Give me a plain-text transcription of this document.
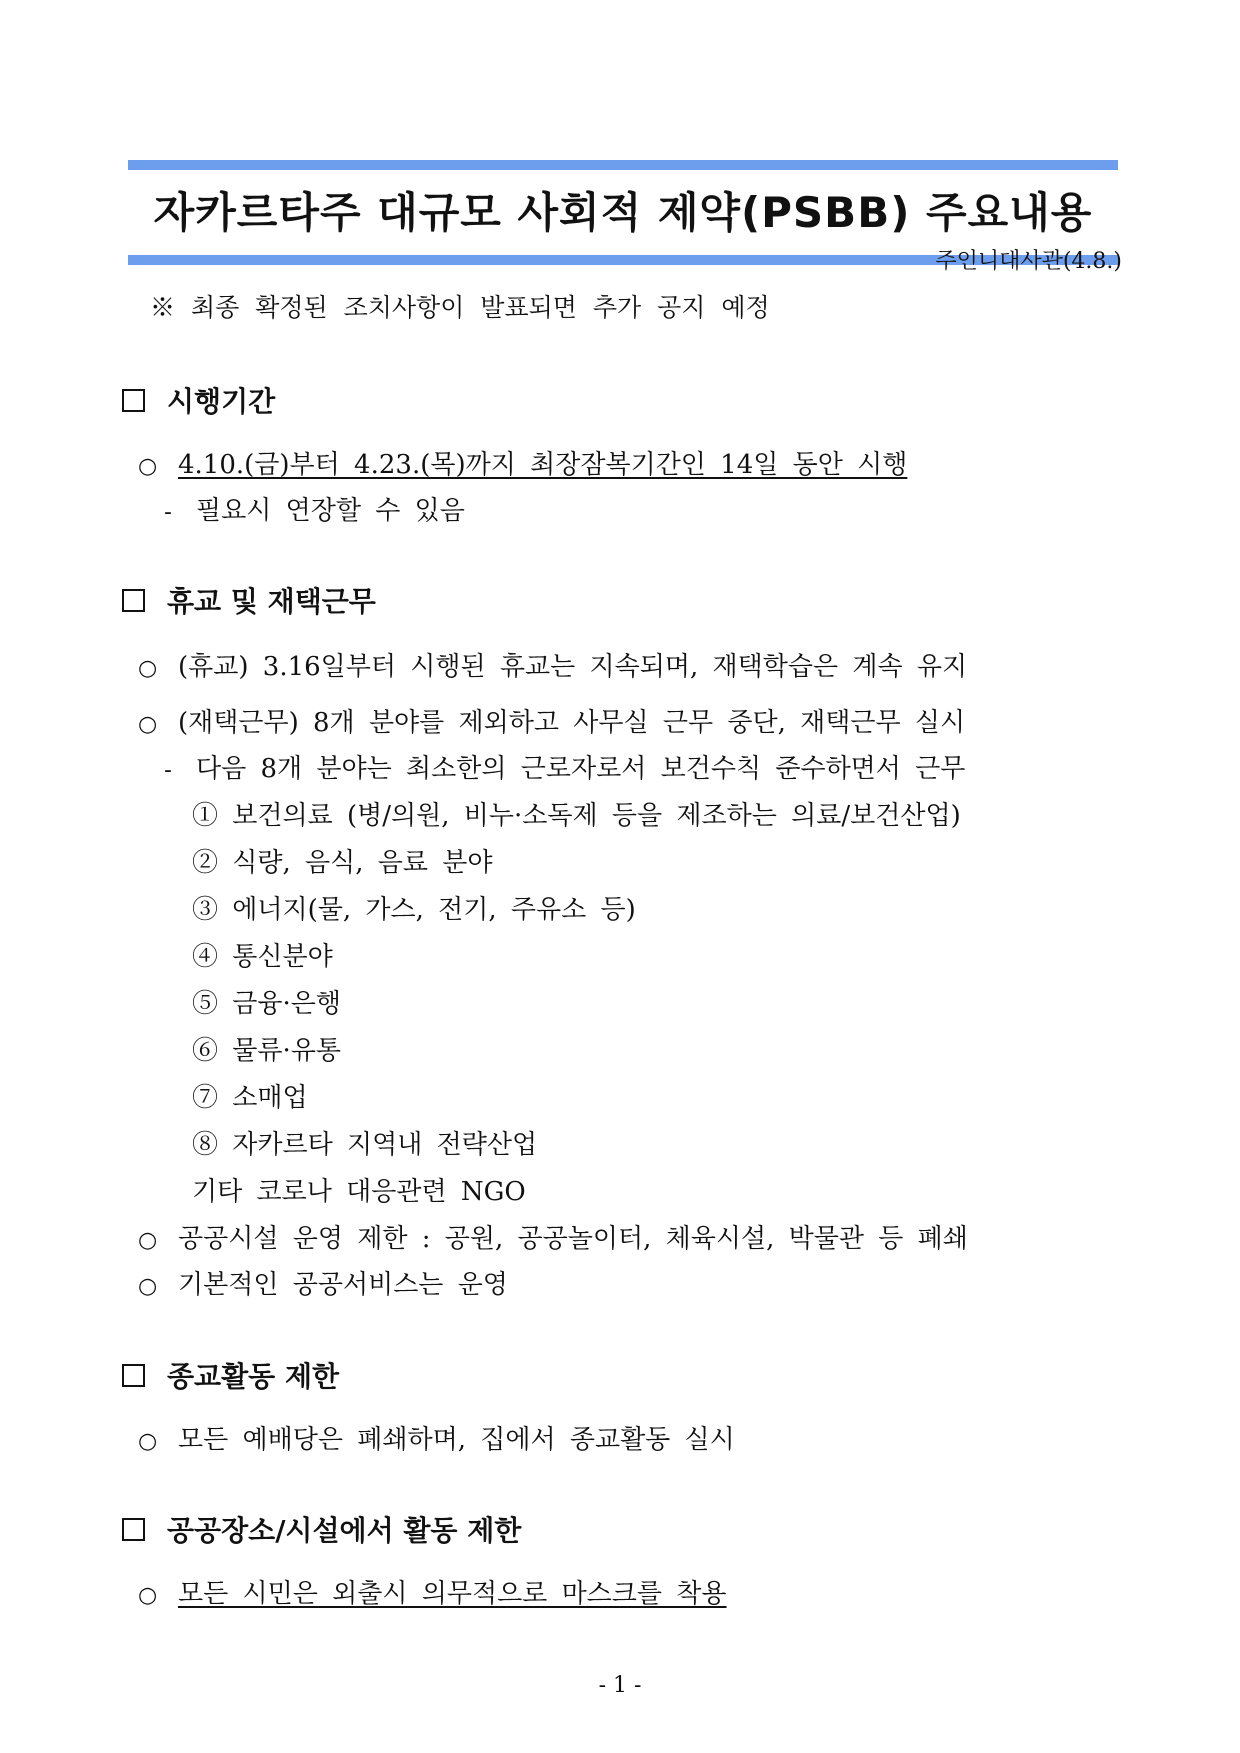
자카르타주 대규모 사회적 제약(PSBB) 주요내용
주인니대사관(4.8.)
※ 최종 확정된 조치사항이 발표되면 추가 공지 예정
시행기간
○ 4.10.(금)부터 4.23.(목)까지 최장잠복기간인 14일 동안 시행
- 필요시 연장할 수 있음
휴교 및 재택근무
○ (휴교) 3.16일부터 시행된 휴교는 지속되며, 재택학습은 계속 유지
○ (재택근무) 8개 분야를 제외하고 사무실 근무 중단, 재택근무 실시
- 다음 8개 분야는 최소한의 근로자로서 보건수칙 준수하면서 근무
① 보건의료 (병/의원, 비누·소독제 등을 제조하는 의료/보건산업)
② 식량, 음식, 음료 분야
③ 에너지(물, 가스, 전기, 주유소 등)
④ 통신분야
⑤ 금융·은행
⑥ 물류·유통
⑦ 소매업
⑧ 자카르타 지역내 전략산업
기타 코로나 대응관련 NGO
○ 공공시설 운영 제한 : 공원, 공공놀이터, 체육시설, 박물관 등 폐쇄
○ 기본적인 공공서비스는 운영
종교활동 제한
○ 모든 예배당은 폐쇄하며, 집에서 종교활동 실시
공공장소/시설에서 활동 제한
○ 모든 시민은 외출시 의무적으로 마스크를 착용
- 1 -
